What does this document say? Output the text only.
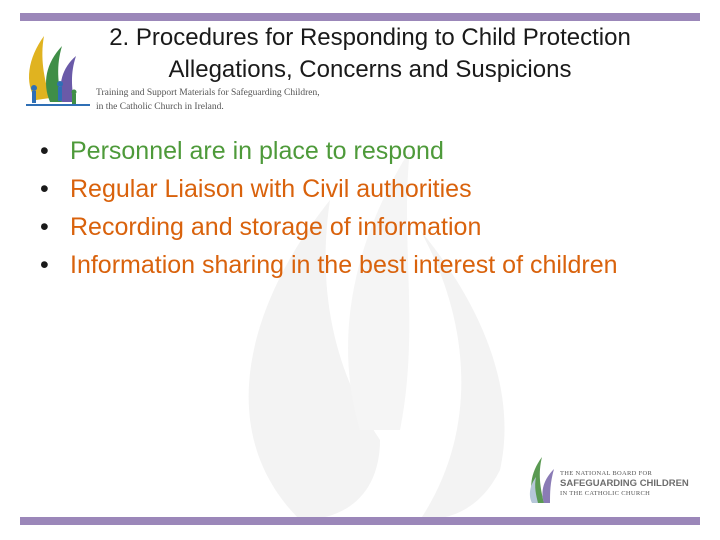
2. Procedures for Responding to Child Protection
Allegations, Concerns and Suspicions
Training and Support Materials for Safeguarding Children,
in the Catholic Church in Ireland.
• Personnel are in place to respond
• Regular Liaison with Civil authorities
• Recording and storage of information
• Information sharing in the best interest of children
THE NATIONAL BOARD FOR
SAFEGUARDING CHILDREN
IN THE CATHOLIC CHURCH
